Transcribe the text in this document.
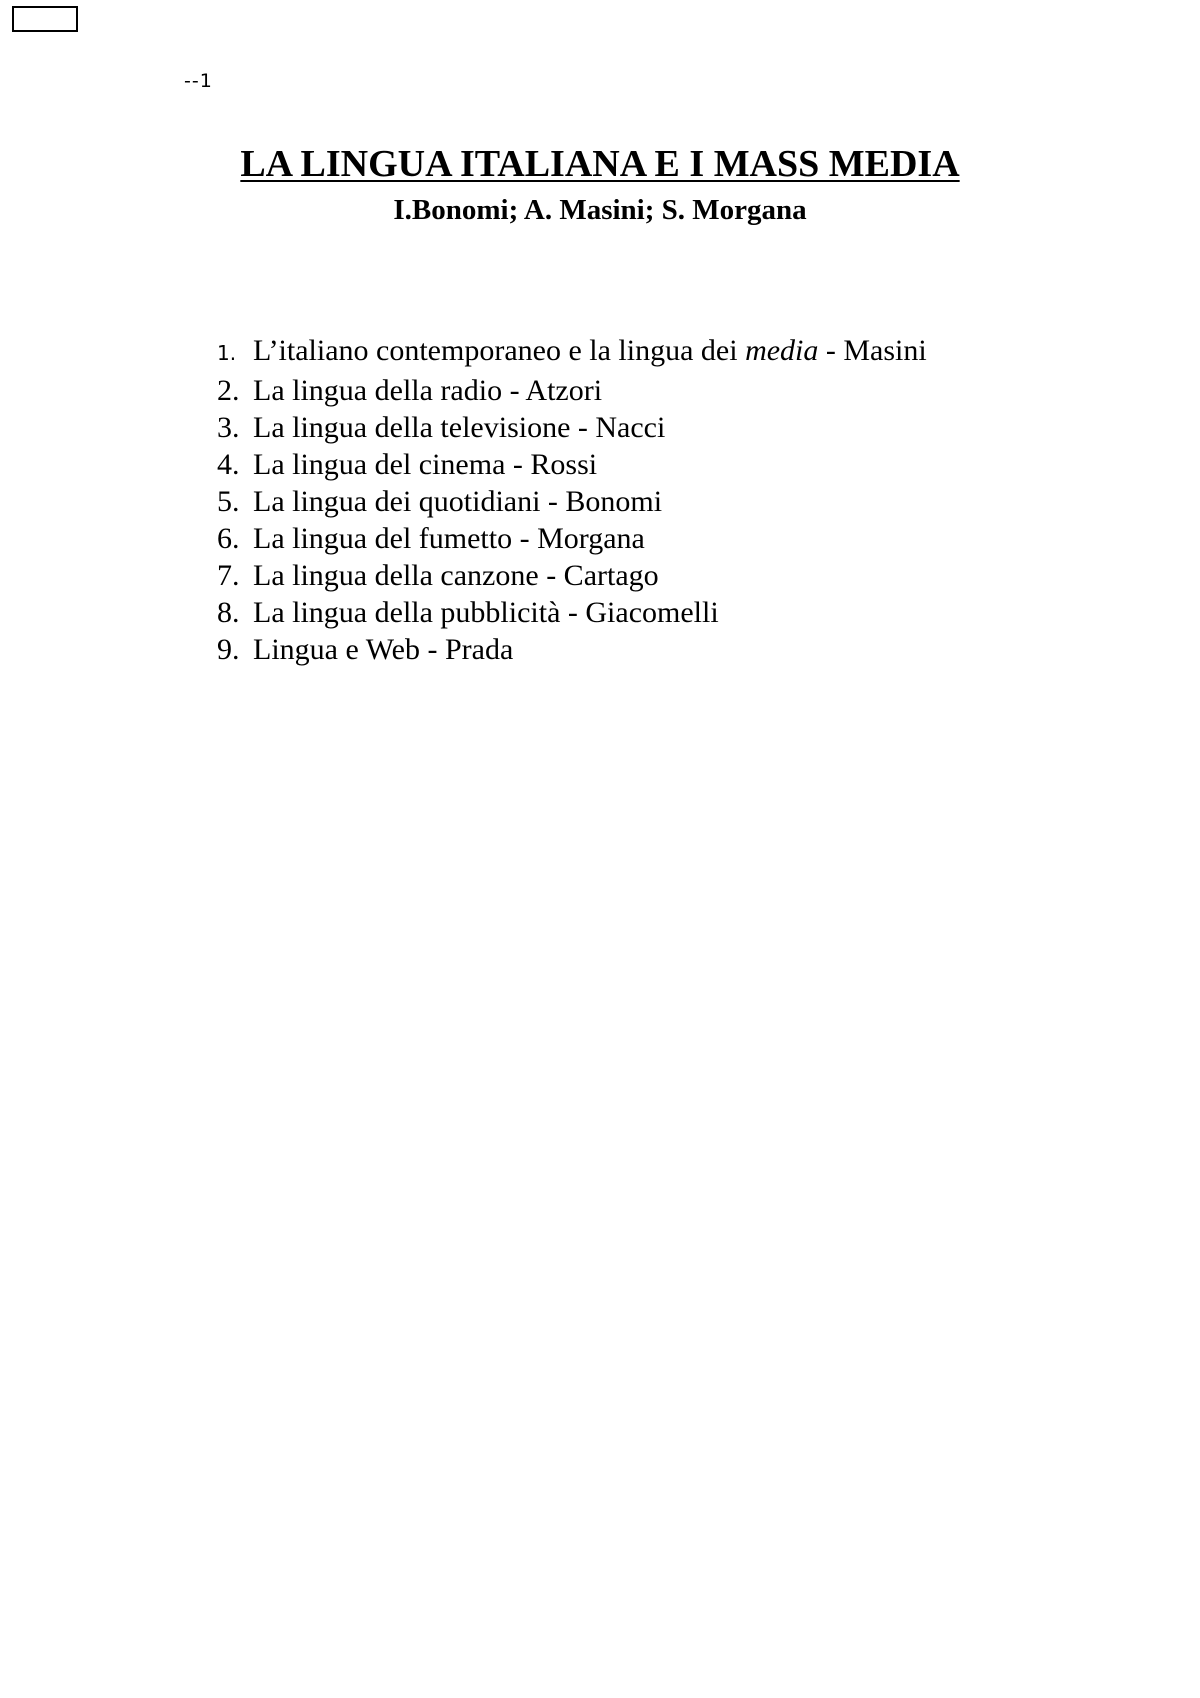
--1
LA LINGUA ITALIANA E I MASS MEDIA
I.Bonomi; A. Masini; S. Morgana
1. L’italiano contemporaneo e la lingua dei media - Masini
2. La lingua della radio - Atzori
3. La lingua della televisione - Nacci
4. La lingua del cinema - Rossi
5. La lingua dei quotidiani - Bonomi
6. La lingua del fumetto - Morgana
7. La lingua della canzone - Cartago
8. La lingua della pubblicità - Giacomelli
9. Lingua e Web - Prada
